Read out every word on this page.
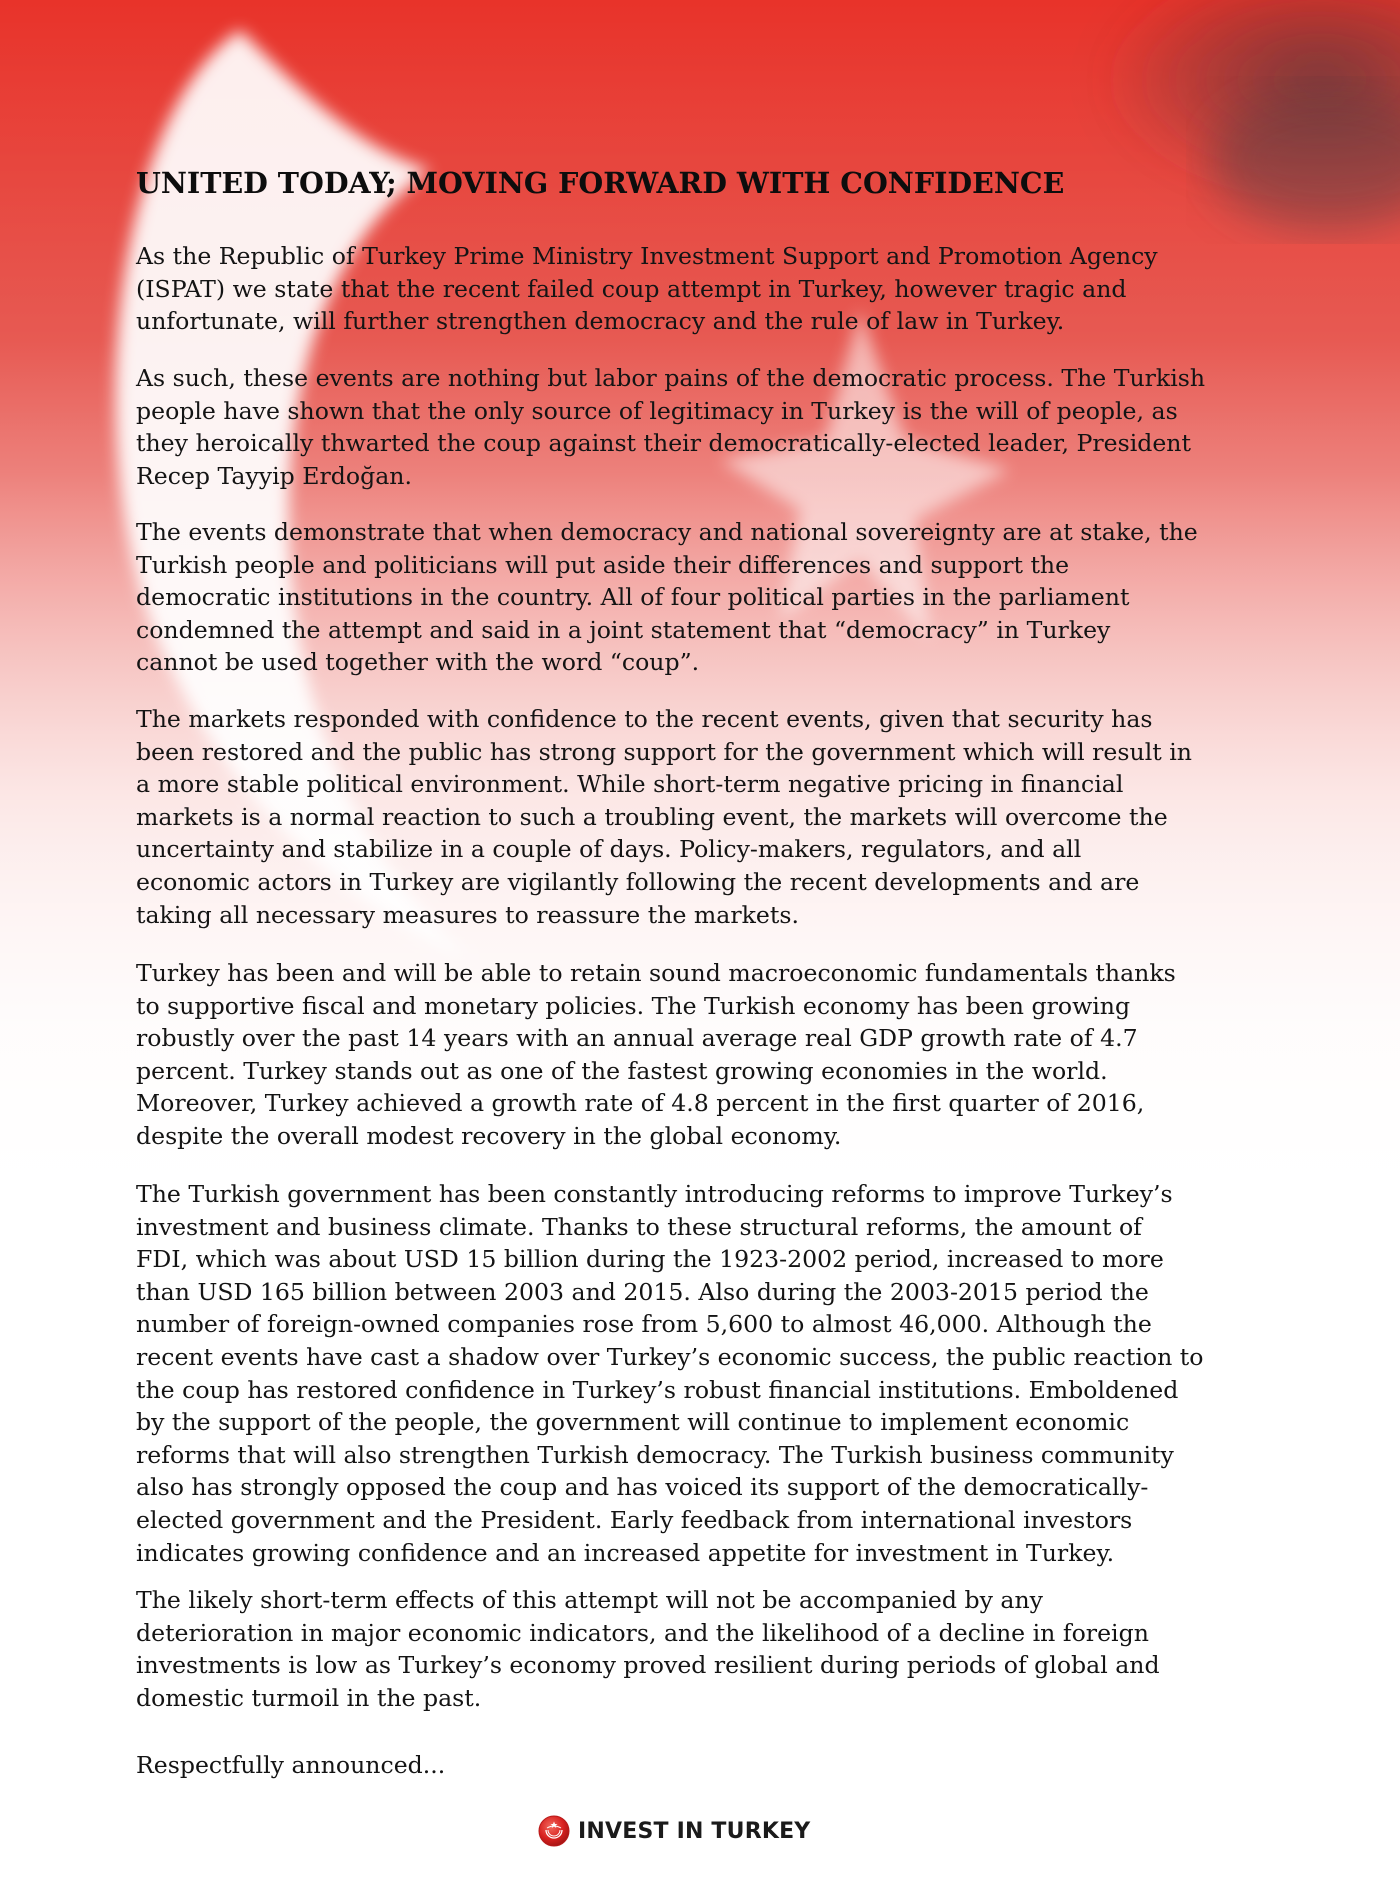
UNITED TODAY; MOVING FORWARD WITH CONFIDENCE

As the Republic of Turkey Prime Ministry Investment Support and Promotion Agency
(ISPAT) we state that the recent failed coup attempt in Turkey, however tragic and
unfortunate, will further strengthen democracy and the rule of law in Turkey.

As such, these events are nothing but labor pains of the democratic process. The Turkish
people have shown that the only source of legitimacy in Turkey is the will of people, as
they heroically thwarted the coup against their democratically-elected leader, President
Recep Tayyip Erdoğan.

The events demonstrate that when democracy and national sovereignty are at stake, the
Turkish people and politicians will put aside their differences and support the
democratic institutions in the country. All of four political parties in the parliament
condemned the attempt and said in a joint statement that “democracy” in Turkey
cannot be used together with the word “coup”.

The markets responded with confidence to the recent events, given that security has
been restored and the public has strong support for the government which will result in
a more stable political environment. While short-term negative pricing in financial
markets is a normal reaction to such a troubling event, the markets will overcome the
uncertainty and stabilize in a couple of days. Policy-makers, regulators, and all
economic actors in Turkey are vigilantly following the recent developments and are
taking all necessary measures to reassure the markets.

Turkey has been and will be able to retain sound macroeconomic fundamentals thanks
to supportive fiscal and monetary policies. The Turkish economy has been growing
robustly over the past 14 years with an annual average real GDP growth rate of 4.7
percent. Turkey stands out as one of the fastest growing economies in the world.
Moreover, Turkey achieved a growth rate of 4.8 percent in the first quarter of 2016,
despite the overall modest recovery in the global economy.

The Turkish government has been constantly introducing reforms to improve Turkey’s
investment and business climate. Thanks to these structural reforms, the amount of
FDI, which was about USD 15 billion during the 1923-2002 period, increased to more
than USD 165 billion between 2003 and 2015. Also during the 2003-2015 period the
number of foreign-owned companies rose from 5,600 to almost 46,000. Although the
recent events have cast a shadow over Turkey’s economic success, the public reaction to
the coup has restored confidence in Turkey’s robust financial institutions. Emboldened
by the support of the people, the government will continue to implement economic
reforms that will also strengthen Turkish democracy. The Turkish business community
also has strongly opposed the coup and has voiced its support of the democratically-
elected government and the President. Early feedback from international investors
indicates growing confidence and an increased appetite for investment in Turkey.

The likely short-term effects of this attempt will not be accompanied by any
deterioration in major economic indicators, and the likelihood of a decline in foreign
investments is low as Turkey’s economy proved resilient during periods of global and
domestic turmoil in the past.

Respectfully announced...

INVEST IN TURKEY
